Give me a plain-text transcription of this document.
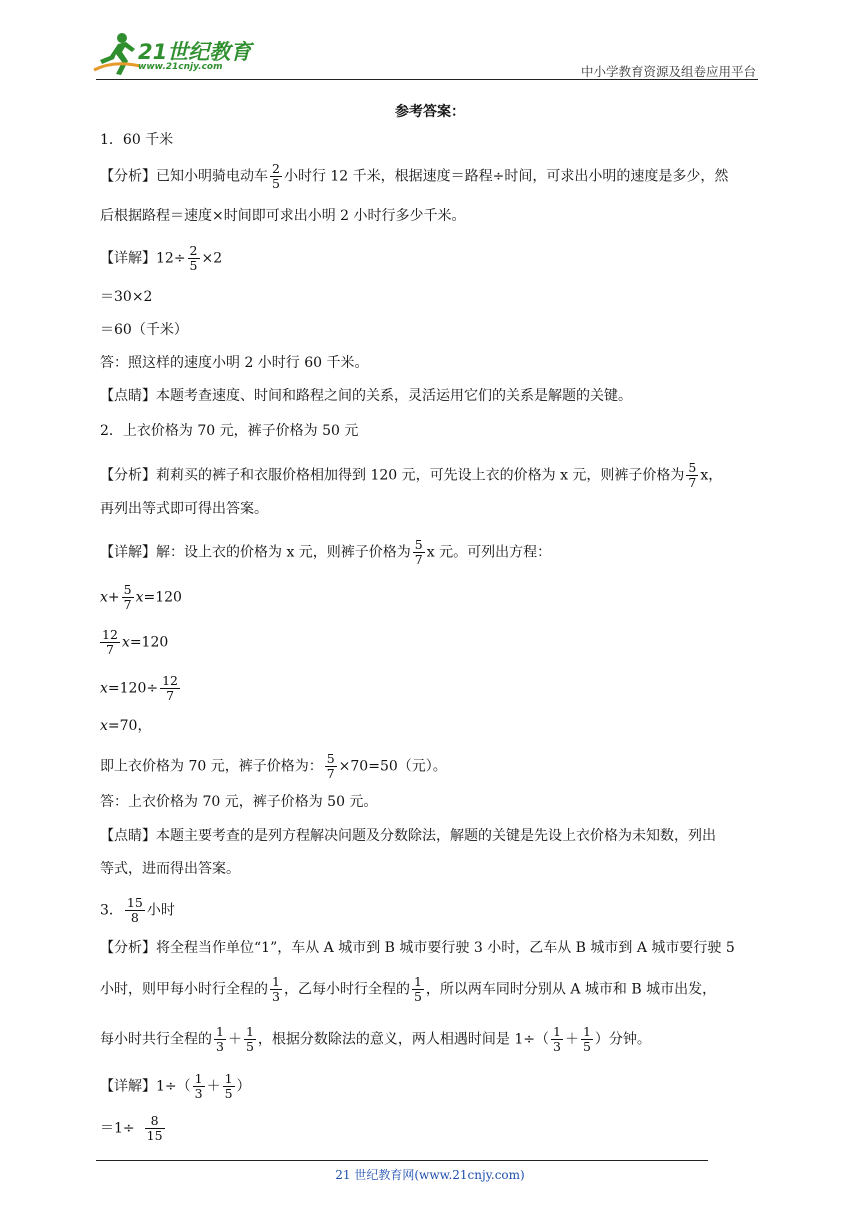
21世纪教育
www.21cnjy.com	中小学教育资源及组卷应用平台
参考答案：
1．60 千米
【分析】已知小明骑电动车 $\frac{2}{5}$ 小时行 12 千米，根据速度＝路程÷时间，可求出小明的速度是多少，然
后根据路程＝速度×时间即可求出小明 2 小时行多少千米。
【详解】$12\div \frac{2}{5} \times 2$
＝30×2
＝60（千米）
答：照这样的速度小明 2 小时行 60 千米。
【点睛】本题考查速度、时间和路程之间的关系，灵活运用它们的关系是解题的关键。
2．上衣价格为 70 元，裤子价格为 50 元
【分析】莉莉买的裤子和衣服价格相加得到 120 元，可先设上衣的价格为 x 元，则裤子价格为 $\frac{5}{7}$ x，
再列出等式即可得出答案。
【详解】解：设上衣的价格为 x 元，则裤子价格为 $\frac{5}{7}$ x 元。可列出方程：
$x+ \frac{5}{7} x=120$
$\frac{12}{7} x=120$
$x=120\div \frac{12}{7}$
x=70，
即上衣价格为 70 元，裤子价格为： $\frac{5}{7} \times 70=50$（元）。
答：上衣价格为 70 元，裤子价格为 50 元。
【点睛】本题主要考查的是列方程解决问题及分数除法，解题的关键是先设上衣价格为未知数，列出
等式，进而得出答案。
3． $\frac{15}{8}$ 小时
【分析】将全程当作单位“1”，车从 A 城市到 B 城市要行驶 3 小时，乙车从 B 城市到 A 城市要行驶 5
小时，则甲每小时行全程的 $\frac{1}{3}$ ，乙每小时行全程的 $\frac{1}{5}$ ，所以两车同时分别从 A 城市和 B 城市出发，
每小时共行全程的 $\frac{1}{3} + \frac{1}{5}$ ，根据分数除法的意义，两人相遇时间是 $1\div( \frac{1}{3} + \frac{1}{5}$ ）分钟。
【详解】$1\div( \frac{1}{3} + \frac{1}{5}$ ）
$=1\div \frac{8}{15}$
21 世纪教育网(www.21cnjy.com)
